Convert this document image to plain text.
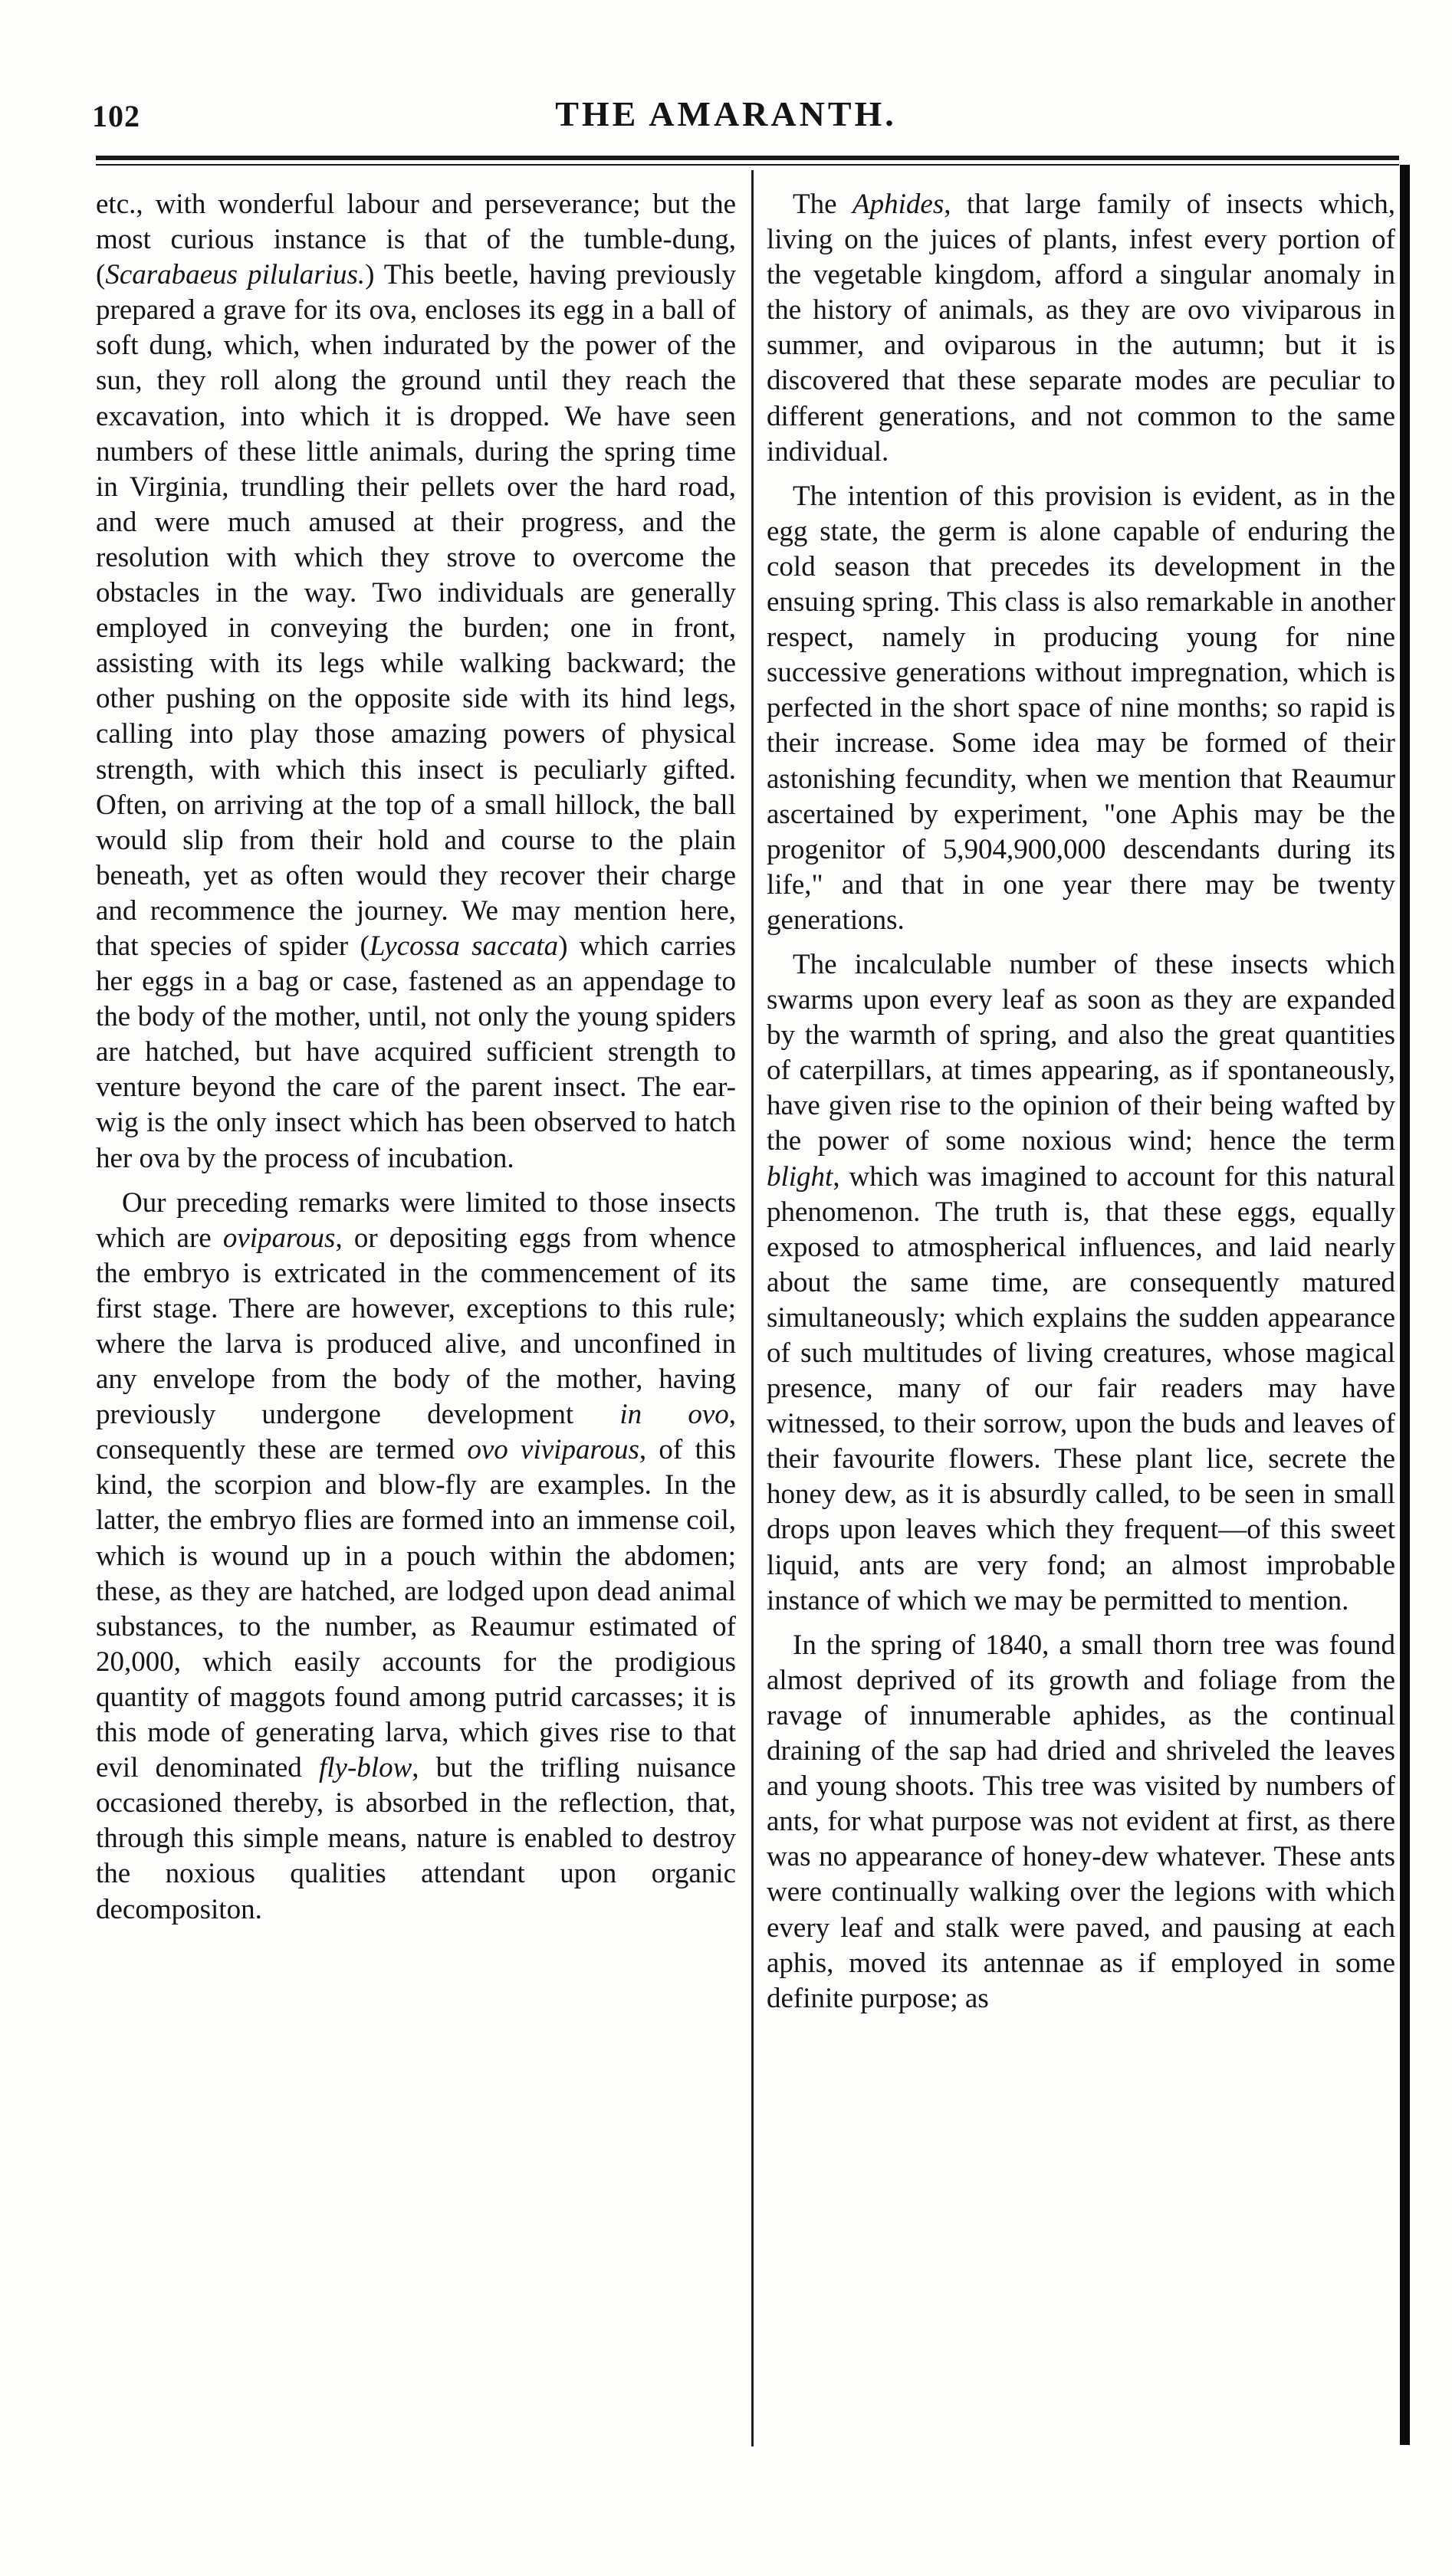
102	THE AMARANTH.

etc., with wonderful labour and perseverance; but the most curious instance is that of the tumble-dung, (Scarabaeus pilularius.) This beetle, having previously prepared a grave for its ova, encloses its egg in a ball of soft dung, which, when indurated by the power of the sun, they roll along the ground until they reach the excavation, into which it is dropped. We have seen numbers of these little animals, during the spring time in Virginia, trundling their pellets over the hard road, and were much amused at their progress, and the resolution with which they strove to overcome the obstacles in the way. Two individuals are generally employed in conveying the burden; one in front, assisting with its legs while walking backward; the other pushing on the opposite side with its hind legs, calling into play those amazing powers of physical strength, with which this insect is peculiarly gifted. Often, on arriving at the top of a small hillock, the ball would slip from their hold and course to the plain beneath, yet as often would they recover their charge and recommence the journey. We may mention here, that species of spider (Lycossa saccata) which carries her eggs in a bag or case, fastened as an appendage to the body of the mother, until, not only the young spiders are hatched, but have acquired sufficient strength to venture beyond the care of the parent insect. The ear-wig is the only insect which has been observed to hatch her ova by the process of incubation.

Our preceding remarks were limited to those insects which are oviparous, or depositing eggs from whence the embryo is extricated in the commencement of its first stage. There are however, exceptions to this rule; where the larva is produced alive, and unconfined in any envelope from the body of the mother, having previously undergone development in ovo, consequently these are termed ovo viviparous, of this kind, the scorpion and blow-fly are examples. In the latter, the embryo flies are formed into an immense coil, which is wound up in a pouch within the abdomen; these, as they are hatched, are lodged upon dead animal substances, to the number, as Reaumur estimated of 20,000, which easily accounts for the prodigious quantity of maggots found among putrid carcasses; it is this mode of generating larva, which gives rise to that evil denominated fly-blow, but the trifling nuisance occasioned thereby, is absorbed in the reflection, that, through this simple means, nature is enabled to destroy the noxious qualities attendant upon organic decompositon.

The Aphides, that large family of insects which, living on the juices of plants, infest every portion of the vegetable kingdom, afford a singular anomaly in the history of animals, as they are ovo viviparous in summer, and oviparous in the autumn; but it is discovered that these separate modes are peculiar to different generations, and not common to the same individual.

The intention of this provision is evident, as in the egg state, the germ is alone capable of enduring the cold season that precedes its development in the ensuing spring. This class is also remarkable in another respect, namely in producing young for nine successive generations without impregnation, which is perfected in the short space of nine months; so rapid is their increase. Some idea may be formed of their astonishing fecundity, when we mention that Reaumur ascertained by experiment, "one Aphis may be the progenitor of 5,904,900,000 descendants during its life," and that in one year there may be twenty generations.

The incalculable number of these insects which swarms upon every leaf as soon as they are expanded by the warmth of spring, and also the great quantities of caterpillars, at times appearing, as if spontaneously, have given rise to the opinion of their being wafted by the power of some noxious wind; hence the term blight, which was imagined to account for this natural phenomenon. The truth is, that these eggs, equally exposed to atmospherical influences, and laid nearly about the same time, are consequently matured simultaneously; which explains the sudden appearance of such multitudes of living creatures, whose magical presence, many of our fair readers may have witnessed, to their sorrow, upon the buds and leaves of their favourite flowers. These plant lice, secrete the honey dew, as it is absurdly called, to be seen in small drops upon leaves which they frequent—of this sweet liquid, ants are very fond; an almost improbable instance of which we may be permitted to mention.

In the spring of 1840, a small thorn tree was found almost deprived of its growth and foliage from the ravage of innumerable aphides, as the continual draining of the sap had dried and shriveled the leaves and young shoots. This tree was visited by numbers of ants, for what purpose was not evident at first, as there was no appearance of honey-dew whatever. These ants were continually walking over the legions with which every leaf and stalk were paved, and pausing at each aphis, moved its antennae as if employed in some definite purpose; as
